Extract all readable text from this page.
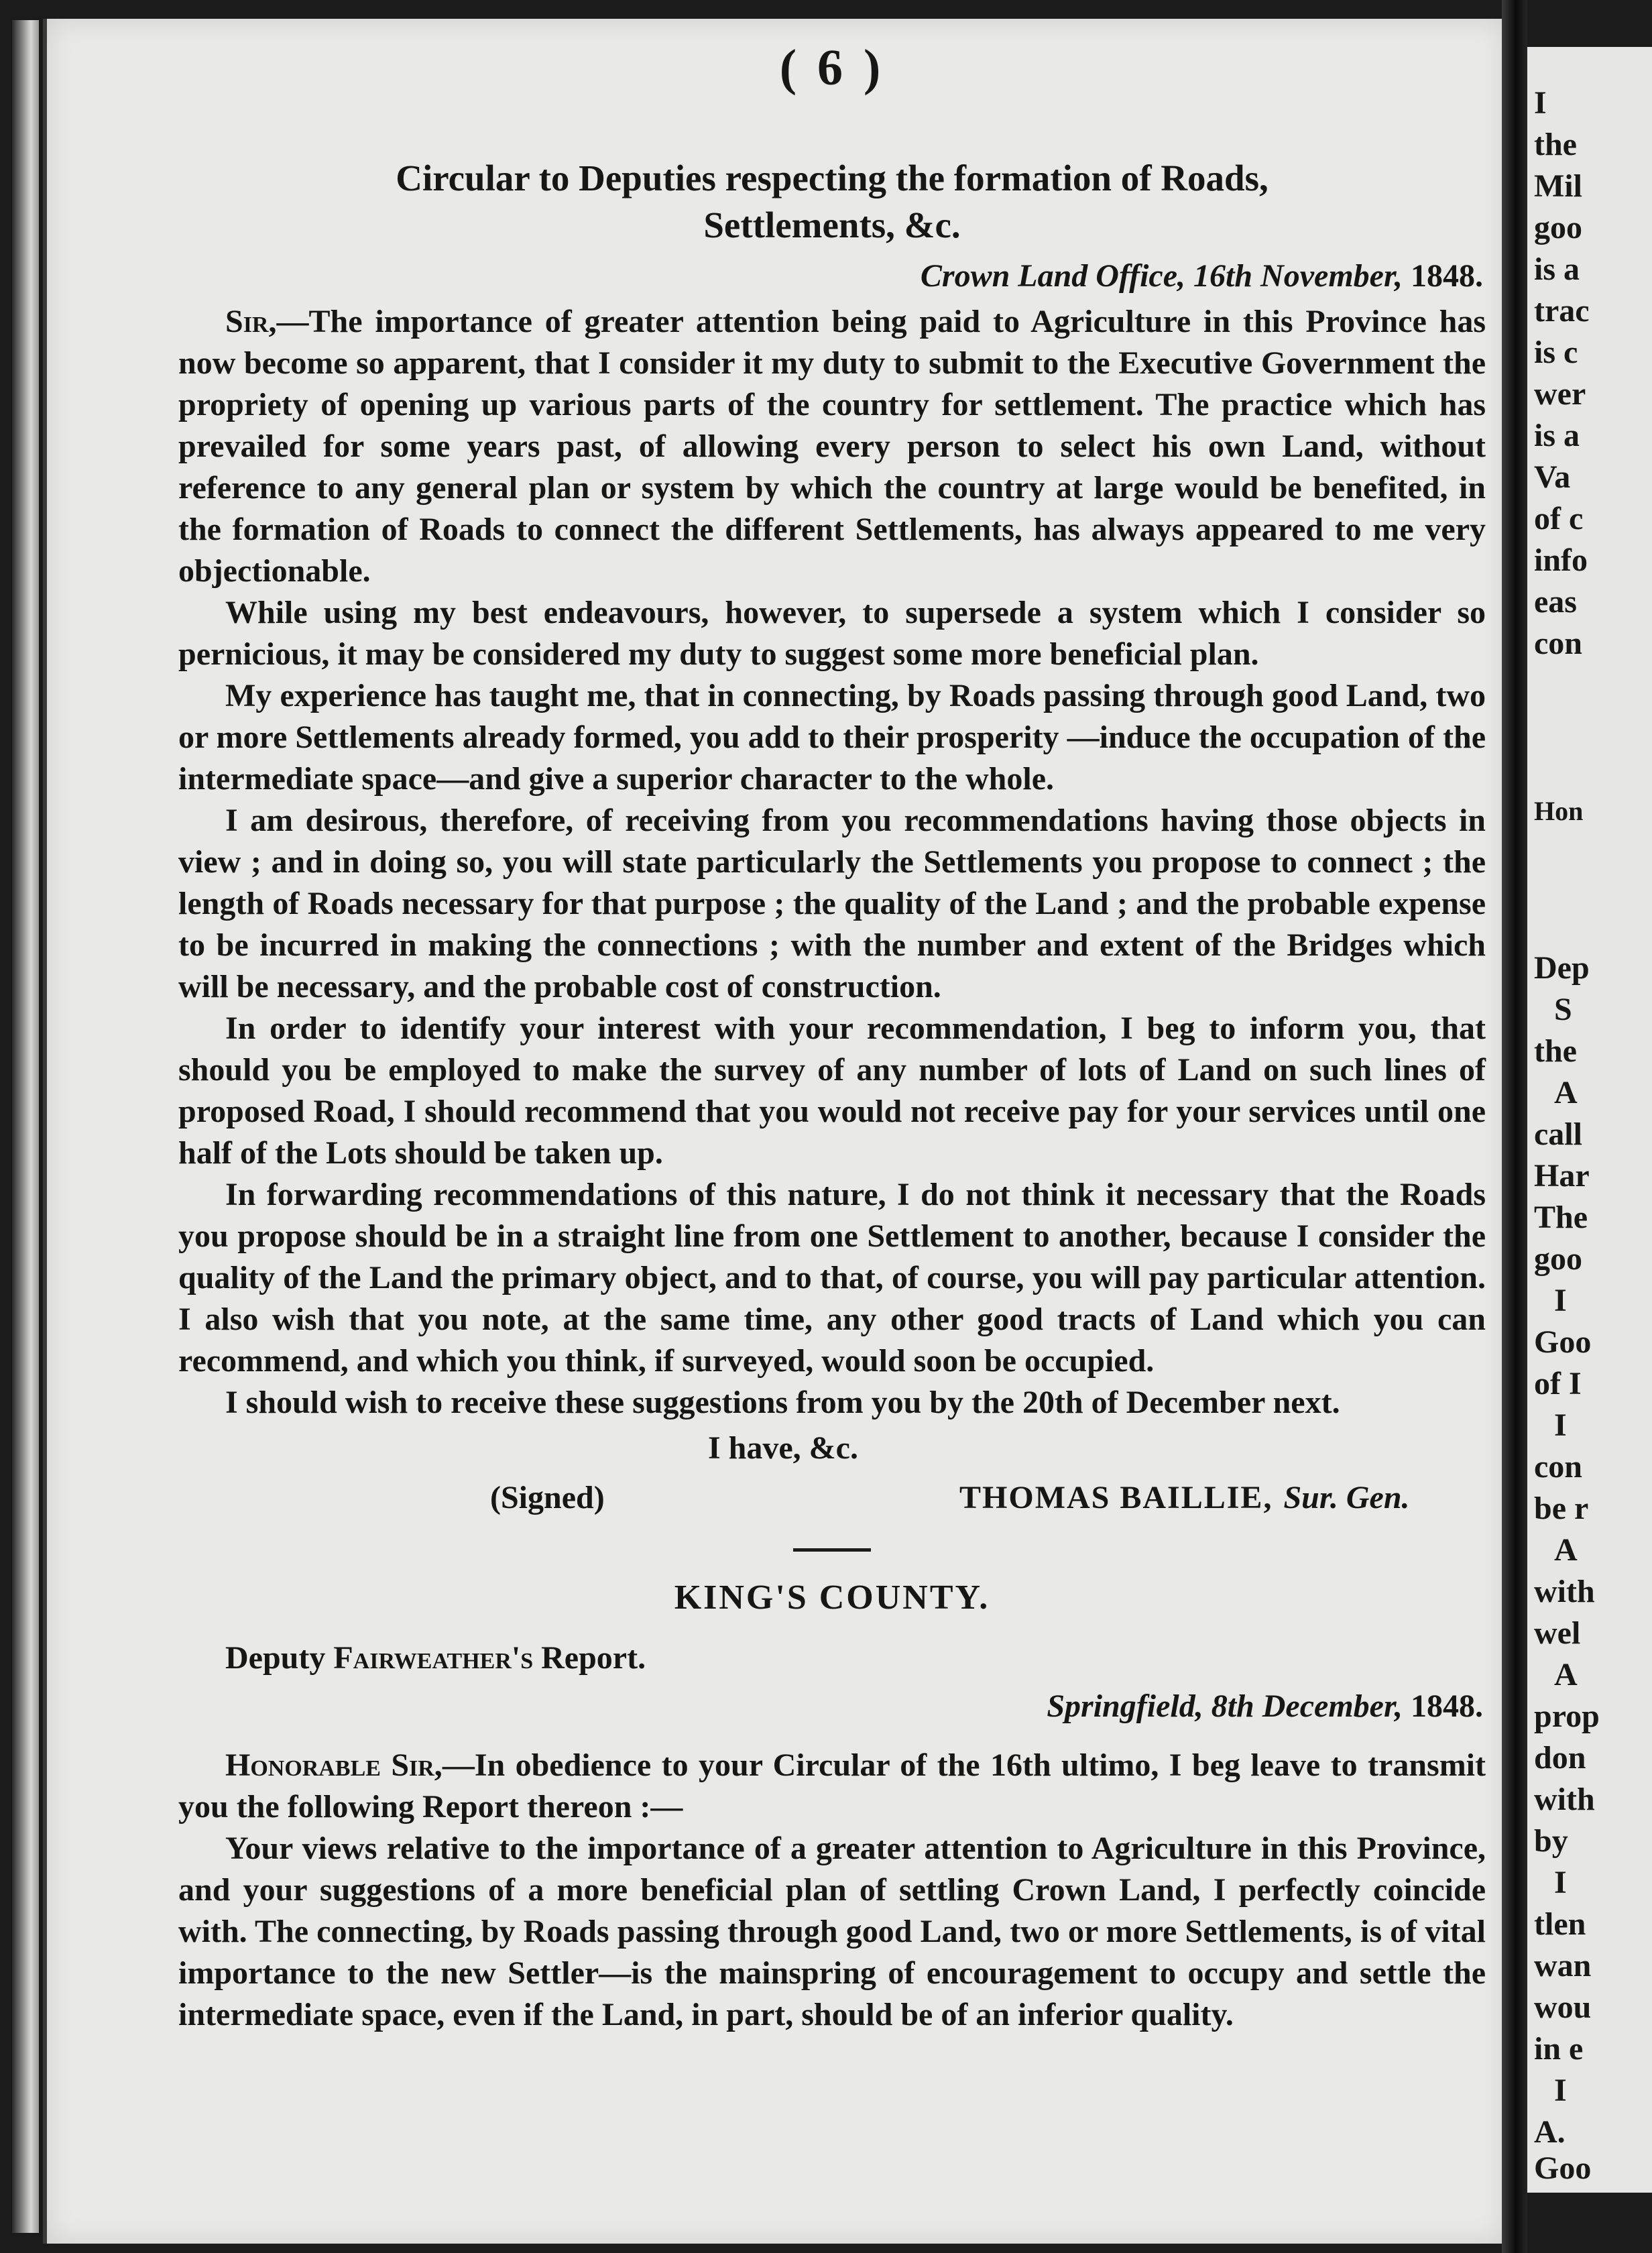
( 6 )
Circular to Deputies respecting the formation of Roads,
Settlements, &c.
Crown Land Office, 16th November, 1848.

Sir,—The importance of greater attention being paid to Agriculture in this Province has now become so apparent, that I consider it my duty to submit to the Executive Government the propriety of opening up various parts of the country for settlement. The practice which has prevailed for some years past, of allowing every person to select his own Land, without reference to any general plan or system by which the country at large would be benefited, in the formation of Roads to connect the different Settlements, has always appeared to me very objectionable.

While using my best endeavours, however, to supersede a system which I consider so pernicious, it may be considered my duty to suggest some more beneficial plan.

My experience has taught me, that in connecting, by Roads passing through good Land, two or more Settlements already formed, you add to their prosperity —induce the occupation of the intermediate space—and give a superior character to the whole.

I am desirous, therefore, of receiving from you recommendations having those objects in view ; and in doing so, you will state particularly the Settlements you propose to connect ; the length of Roads necessary for that purpose ; the quality of the Land ; and the probable expense to be incurred in making the connections ; with the number and extent of the Bridges which will be necessary, and the probable cost of construction.

In order to identify your interest with your recommendation, I beg to inform you, that should you be employed to make the survey of any number of lots of Land on such lines of proposed Road, I should recommend that you would not receive pay for your services until one half of the Lots should be taken up.

In forwarding recommendations of this nature, I do not think it necessary that the Roads you propose should be in a straight line from one Settlement to another, because I consider the quality of the Land the primary object, and to that, of course, you will pay particular attention. I also wish that you note, at the same time, any other good tracts of Land which you can recommend, and which you think, if surveyed, would soon be occupied.

I should wish to receive these suggestions from you by the 20th of December next.

I have, &c.
(Signed)	THOMAS BAILLIE, Sur. Gen.
KING'S COUNTY.
Deputy Fairweather's Report.
Springfield, 8th December, 1848.

Honorable Sir,—In obedience to your Circular of the 16th ultimo, I beg leave to transmit you the following Report thereon :—

Your views relative to the importance of a greater attention to Agriculture in this Province, and your suggestions of a more beneficial plan of settling Crown Land, I perfectly coincide with. The connecting, by Roads passing through good Land, two or more Settlements, is of vital importance to the new Settler—is the mainspring of encouragement to occupy and settle the intermediate space, even if the Land, in part, should be of an inferior quality.

I
the
Mil
goo
is a
trac
is c
wer
is a
Va
of c
info
eas
con
Hon
Dep
S
the
A
call
Har
The
goo
I
Goo
of I
I
con
be r
A
with
wel
A
prop
don
with
by
I
tlen
wan
wou
in e
I
A.
Goo
